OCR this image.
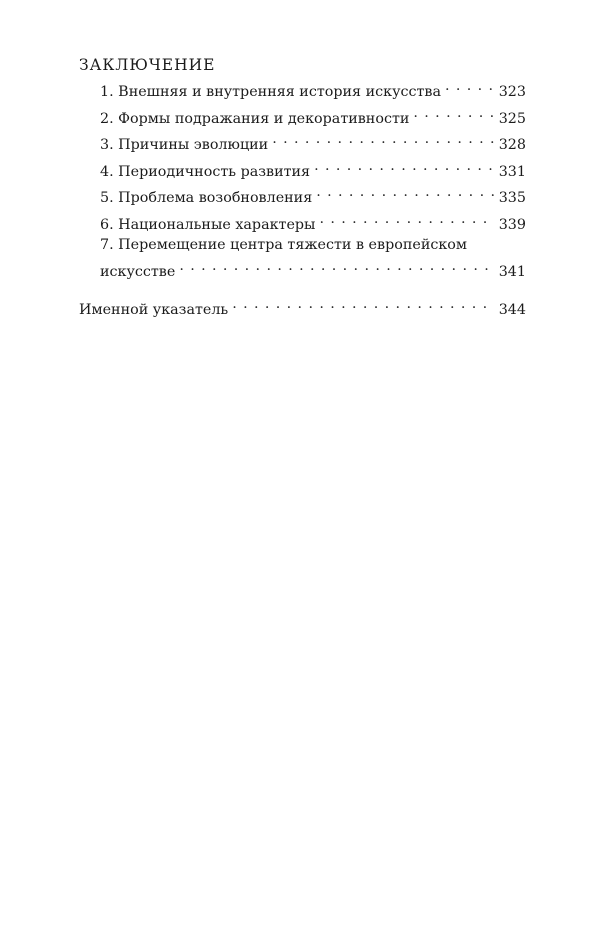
ЗАКЛЮЧЕНИЕ
1. Внешняя и внутренняя история искусства . . .	323
2. Формы подражания и декоративности . . .	325
3. Причины эволюции . . .	328
4. Периодичность развития . . .	331
5. Проблема возобновления . . .	335
6. Национальные характеры . . .	339
7. Перемещение центра тяжести в европейском
искусстве . . .	341
Именной указатель . . .	344
